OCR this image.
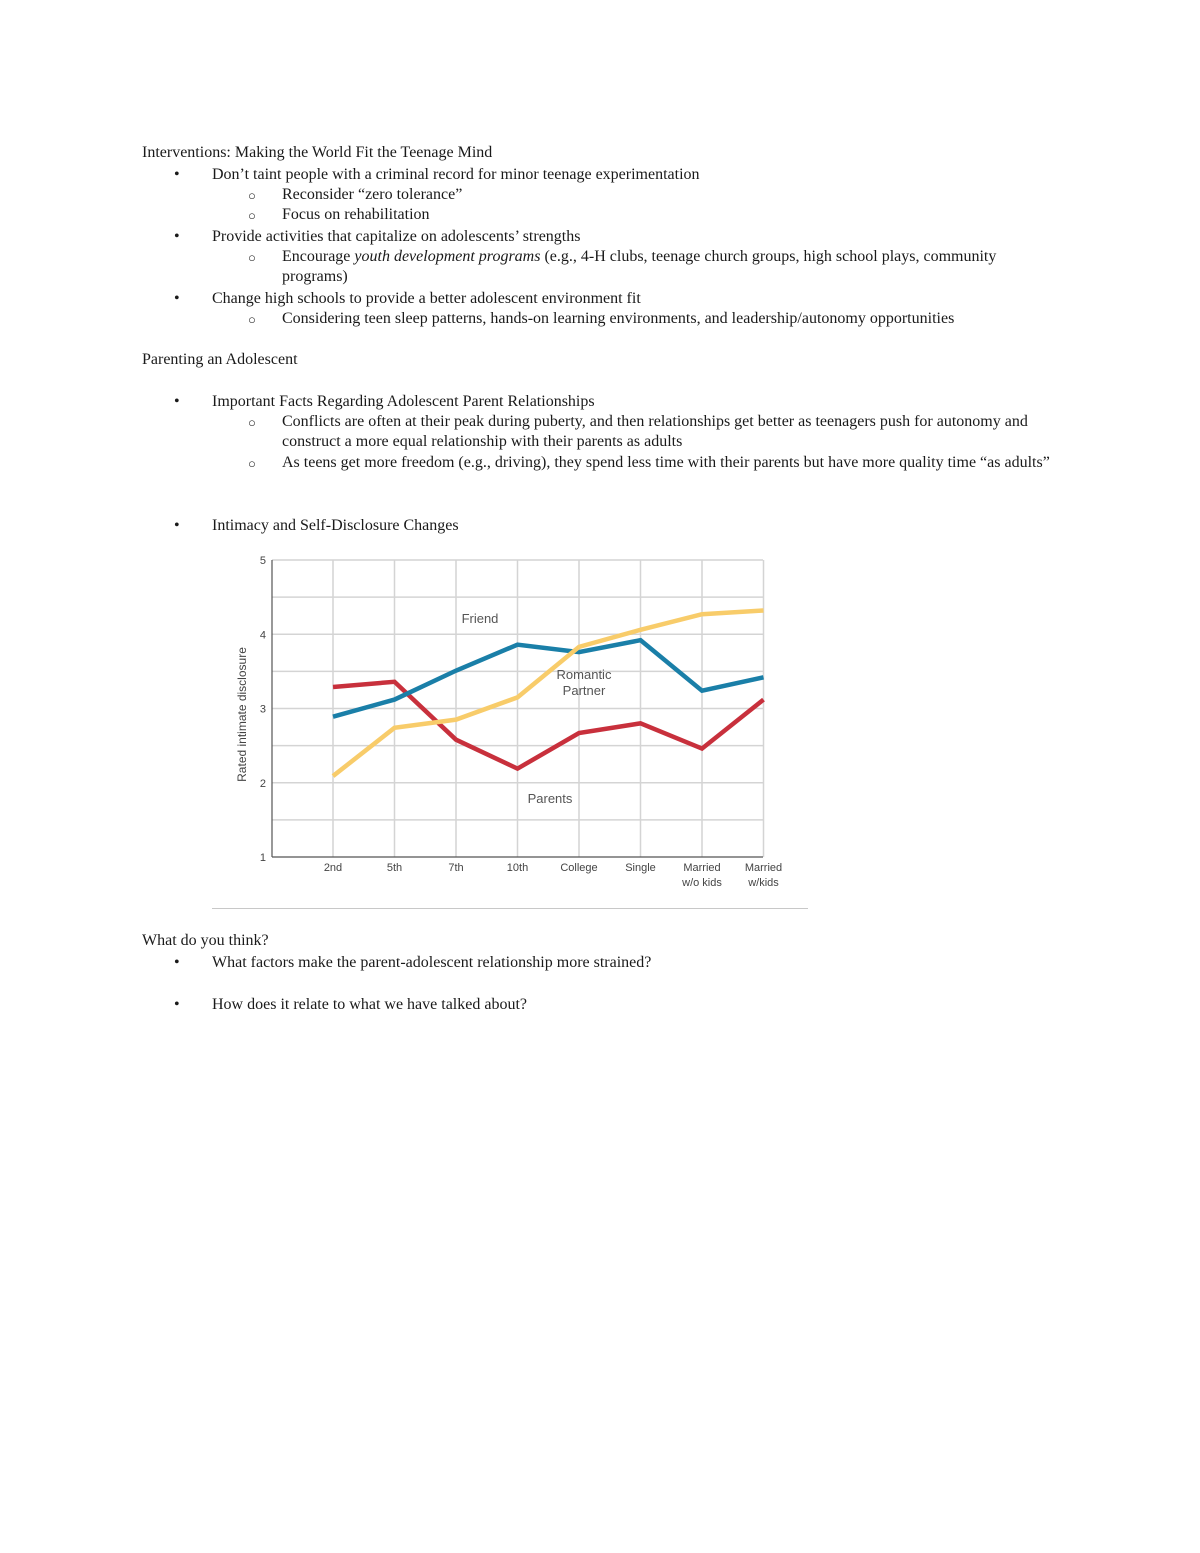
Interventions: Making the World Fit the Teenage Mind
• Don’t taint people with a criminal record for minor teenage experimentation
○ Reconsider “zero tolerance”
○ Focus on rehabilitation
• Provide activities that capitalize on adolescents’ strengths
○ Encourage youth development programs (e.g., 4-H clubs, teenage church groups, high school plays, community programs)
• Change high schools to provide a better adolescent environment fit
○ Considering teen sleep patterns, hands-on learning environments, and leadership/autonomy opportunities
Parenting an Adolescent
• Important Facts Regarding Adolescent Parent Relationships
○ Conflicts are often at their peak during puberty, and then relationships get better as teenagers push for autonomy and construct a more equal relationship with their parents as adults
○ As teens get more freedom (e.g., driving), they spend less time with their parents but have more quality time “as adults”
• Intimacy and Self-Disclosure Changes
1
2
3
4
5
Rated intimate disclosure
2nd	5th	7th	10th	College	Single	Married w/o kids
Married w/kids
Friend
Romantic Partner
Parents
What do you think?
• What factors make the parent-adolescent relationship more strained?
• How does it relate to what we have talked about?
